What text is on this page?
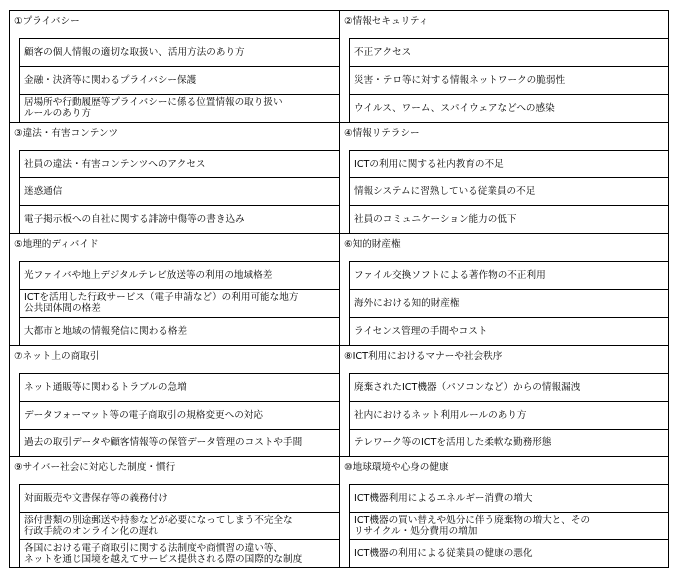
①プライバシー
顧客の個人情報の適切な取扱い、活用方法のあり方
金融・決済等に関わるプライバシー保護
居場所や行動履歴等プライバシーに係る位置情報の取り扱い
ルールのあり方
②情報セキュリティ
不正アクセス
災害・テロ等に対する情報ネットワークの脆弱性
ウイルス、ワーム、スパイウェアなどへの感染
③違法・有害コンテンツ
社員の違法・有害コンテンツへのアクセス
迷惑通信
電子掲示板への自社に関する誹謗中傷等の書き込み
④情報リテラシー
ICTの利用に関する社内教育の不足
情報システムに習熟している従業員の不足
社員のコミュニケーション能力の低下
⑤地理的ディバイド
光ファイバや地上デジタルテレビ放送等の利用の地域格差
ICTを活用した行政サービス（電子申請など）の利用可能な地方
公共団体間の格差
大都市と地域の情報発信に関わる格差
⑥知的財産権
ファイル交換ソフトによる著作物の不正利用
海外における知的財産権
ライセンス管理の手間やコスト
⑦ネット上の商取引
ネット通販等に関わるトラブルの急増
データフォーマット等の電子商取引の規格変更への対応
過去の取引データや顧客情報等の保管データ管理のコストや手間
⑧ICT利用におけるマナーや社会秩序
廃棄されたICT機器（パソコンなど）からの情報漏洩
社内におけるネット利用ルールのあり方
テレワーク等のICTを活用した柔軟な勤務形態
⑨サイバー社会に対応した制度・慣行
対面販売や文書保存等の義務付け
添付書類の別途郵送や持参などが必要になってしまう不完全な
行政手続のオンライン化の遅れ
各国における電子商取引に関する法制度や商慣習の違い等、
ネットを通じ国境を越えてサービス提供される際の国際的な制度
⑩地球環境や心身の健康
ICT機器利用によるエネルギー消費の増大
ICT機器の買い替えや処分に伴う廃棄物の増大と、その
リサイクル・処分費用の増加
ICT機器の利用による従業員の健康の悪化
